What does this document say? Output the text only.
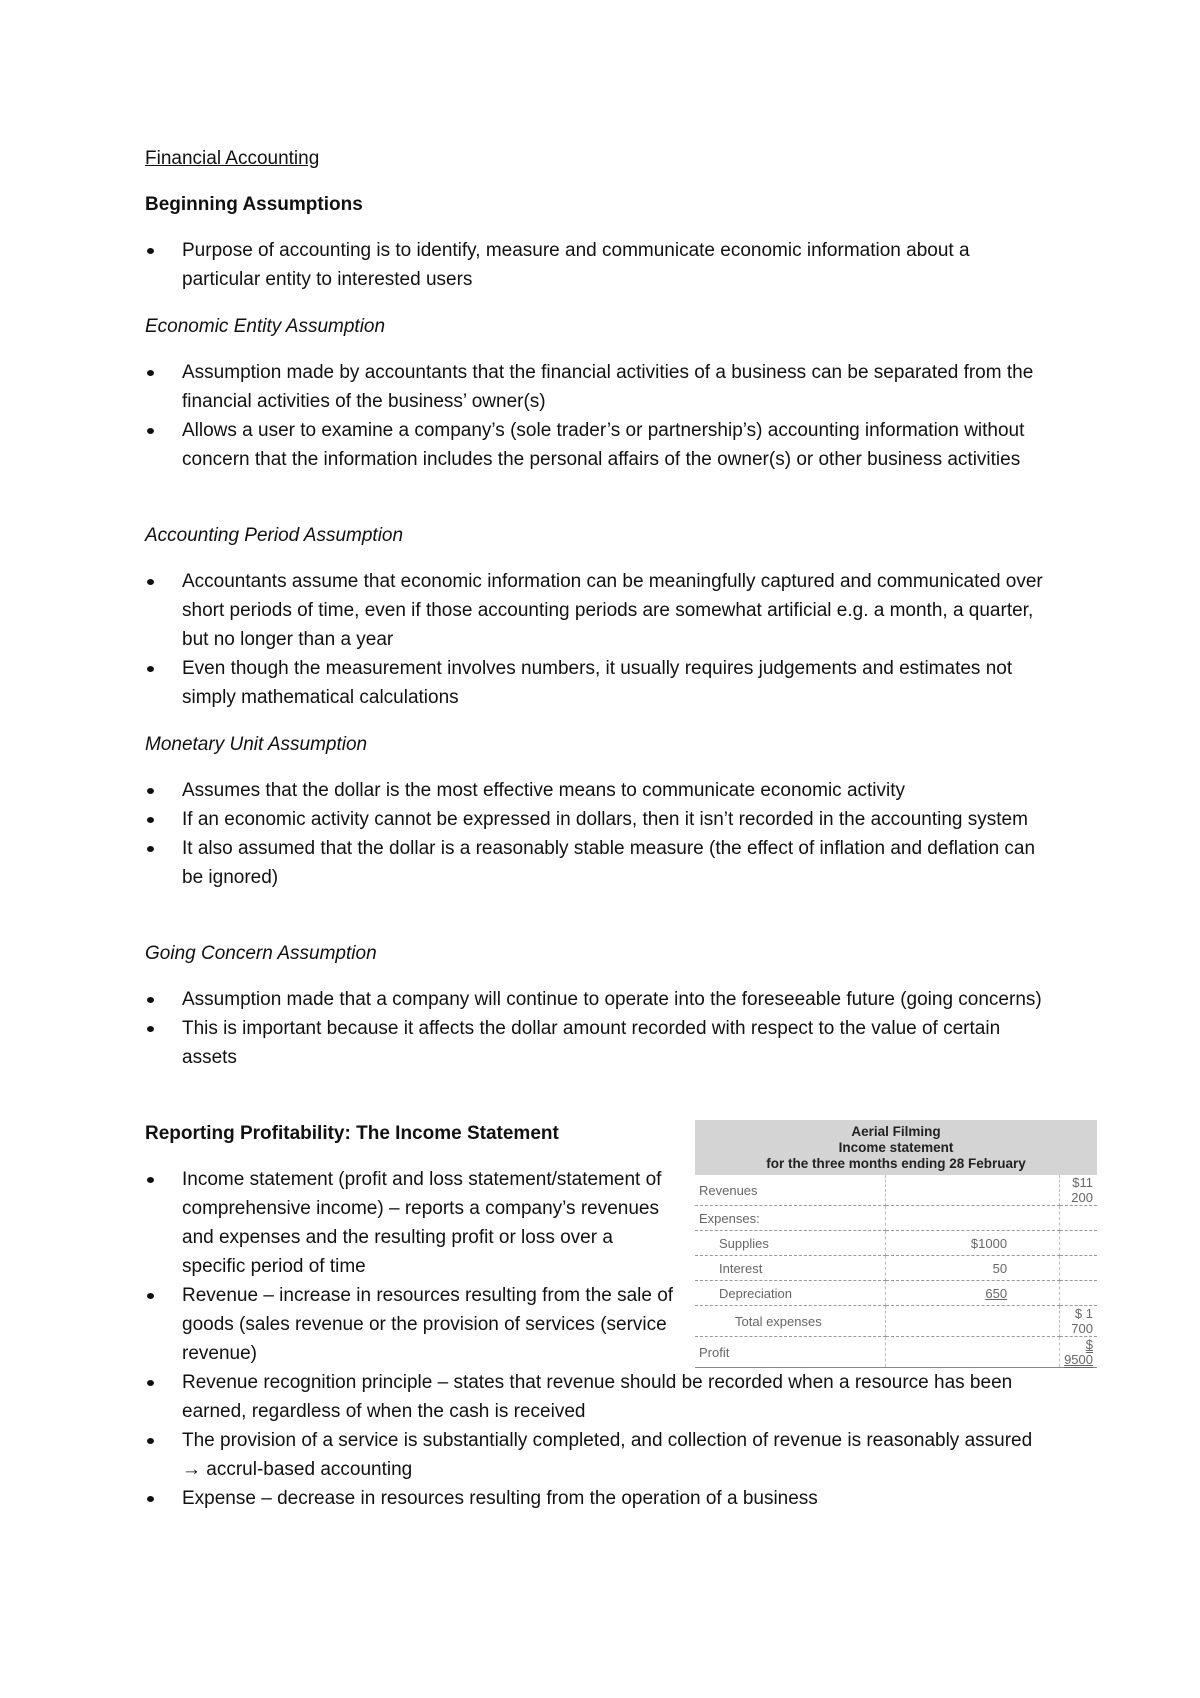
Financial Accounting
Beginning Assumptions
Purpose of accounting is to identify, measure and communicate economic information about a particular entity to interested users
Economic Entity Assumption
Assumption made by accountants that the financial activities of a business can be separated from the financial activities of the business’ owner(s)
Allows a user to examine a company’s (sole trader’s or partnership’s) accounting information without concern that the information includes the personal affairs of the owner(s) or other business activities
Accounting Period Assumption
Accountants assume that economic information can be meaningfully captured and communicated over short periods of time, even if those accounting periods are somewhat artificial e.g. a month, a quarter, but no longer than a year
Even though the measurement involves numbers, it usually requires judgements and estimates not simply mathematical calculations
Monetary Unit Assumption
Assumes that the dollar is the most effective means to communicate economic activity
If an economic activity cannot be expressed in dollars, then it isn’t recorded in the accounting system
It also assumed that the dollar is a reasonably stable measure (the effect of inflation and deflation can be ignored)
Going Concern Assumption
Assumption made that a company will continue to operate into the foreseeable future (going concerns)
This is important because it affects the dollar amount recorded with respect to the value of certain assets
Reporting Profitability: The Income Statement
Income statement (profit and loss statement/statement of comprehensive income) – reports a company’s revenues and expenses and the resulting profit or loss over a specific period of time
Revenue – increase in resources resulting from the sale of goods (sales revenue or the provision of services (service revenue)
Revenue recognition principle – states that revenue should be recorded when a resource has been earned, regardless of when the cash is received
The provision of a service is substantially completed, and collection of revenue is reasonably assured → accrul-based accounting
Expense – decrease in resources resulting from the operation of a business
Aerial Filming
Income statement
for the three months ending 28 February
Revenues		$11 200
Expenses:		
Supplies	$1000	
Interest	50	
Depreciation	650	
Total expenses		$ 1 700
Profit		$ 9500
